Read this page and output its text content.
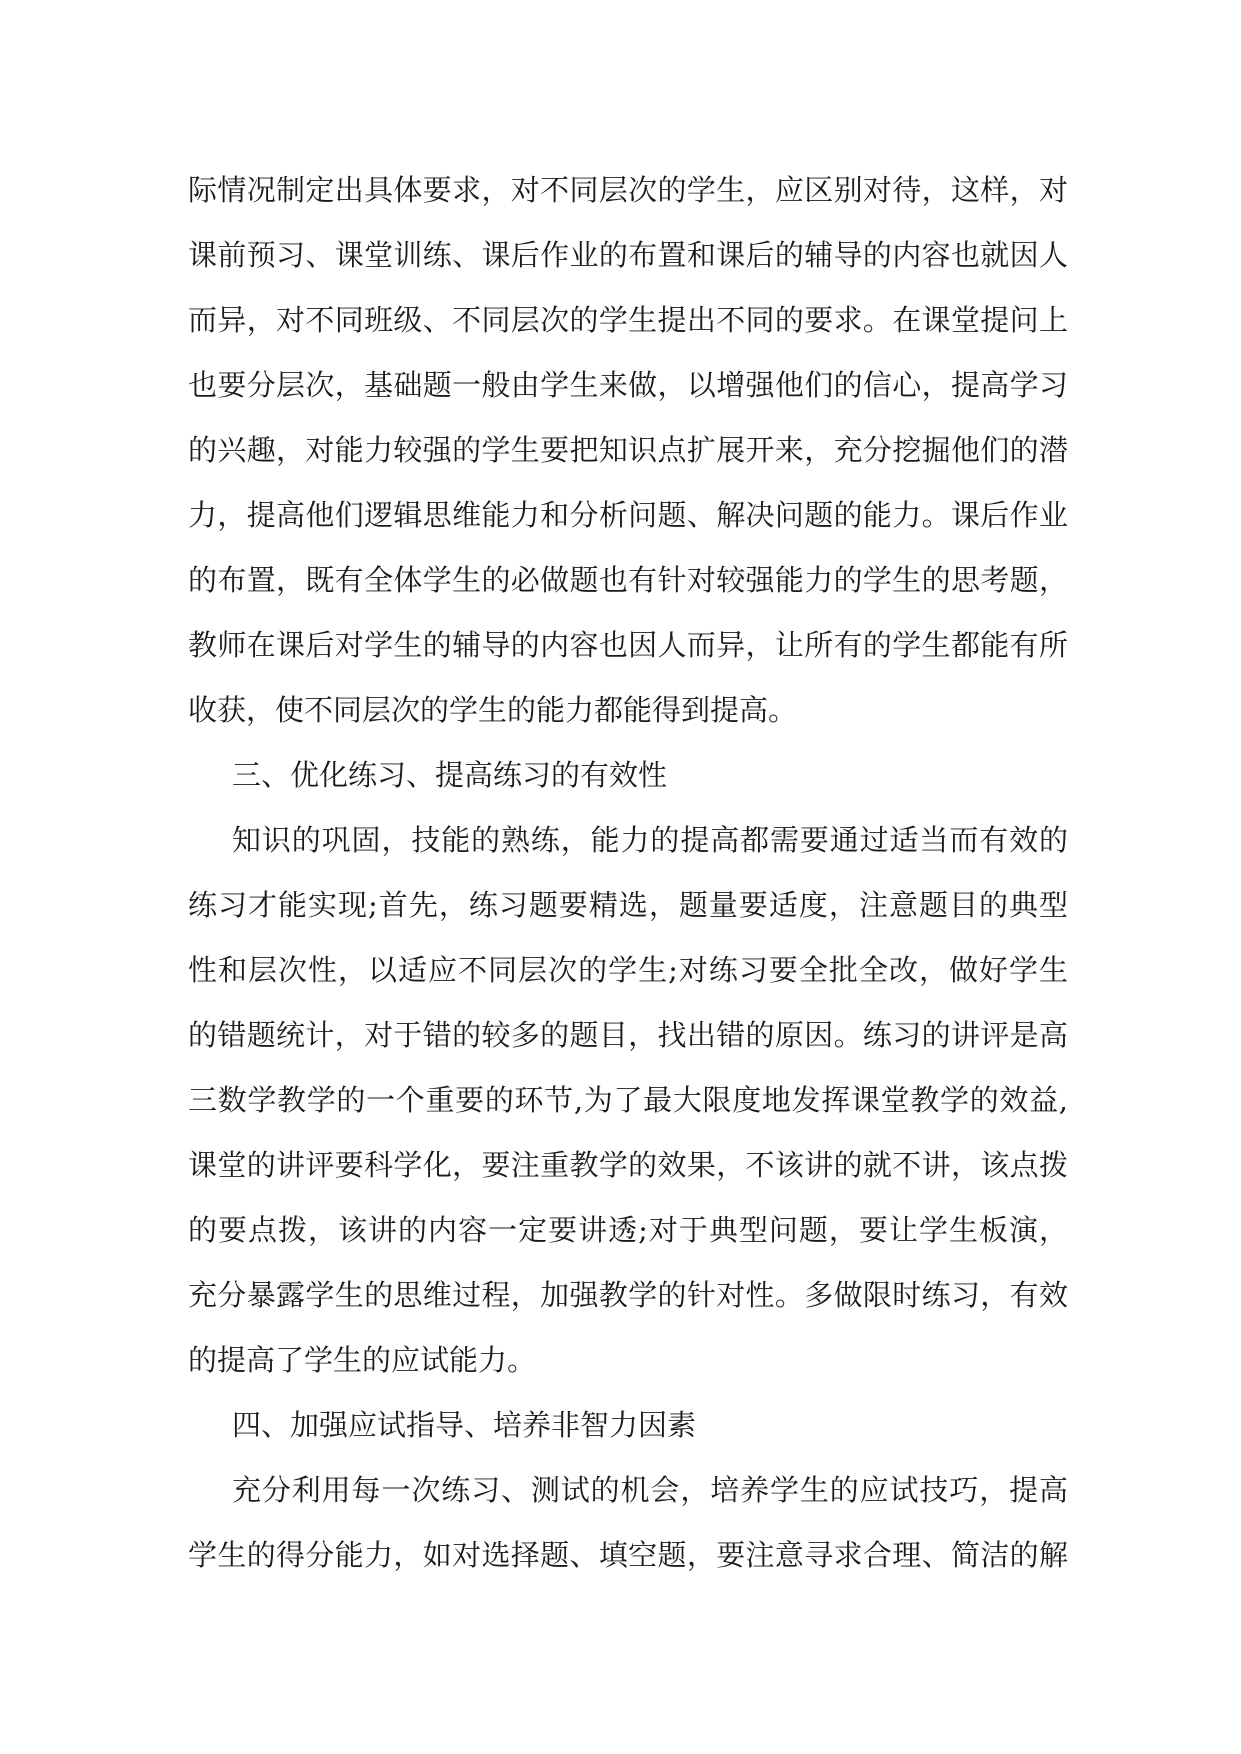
际情况制定出具体要求，对不同层次的学生，应区别对待，这样，对
课前预习、课堂训练、课后作业的布置和课后的辅导的内容也就因人
而异，对不同班级、不同层次的学生提出不同的要求。在课堂提问上
也要分层次，基础题一般由学生来做，以增强他们的信心，提高学习
的兴趣，对能力较强的学生要把知识点扩展开来，充分挖掘他们的潜
力，提高他们逻辑思维能力和分析问题、解决问题的能力。课后作业
的布置，既有全体学生的必做题也有针对较强能力的学生的思考题，
教师在课后对学生的辅导的内容也因人而异，让所有的学生都能有所
收获，使不同层次的学生的能力都能得到提高。
三、优化练习、提高练习的有效性
知识的巩固，技能的熟练，能力的提高都需要通过适当而有效的
练习才能实现;首先，练习题要精选，题量要适度，注意题目的典型
性和层次性，以适应不同层次的学生;对练习要全批全改，做好学生
的错题统计，对于错的较多的题目，找出错的原因。练习的讲评是高
三数学教学的一个重要的环节,为了最大限度地发挥课堂教学的效益,
课堂的讲评要科学化，要注重教学的效果，不该讲的就不讲，该点拨
的要点拨，该讲的内容一定要讲透;对于典型问题，要让学生板演，
充分暴露学生的思维过程，加强教学的针对性。多做限时练习，有效
的提高了学生的应试能力。
四、加强应试指导、培养非智力因素
充分利用每一次练习、测试的机会，培养学生的应试技巧，提高
学生的得分能力，如对选择题、填空题，要注意寻求合理、简洁的解
